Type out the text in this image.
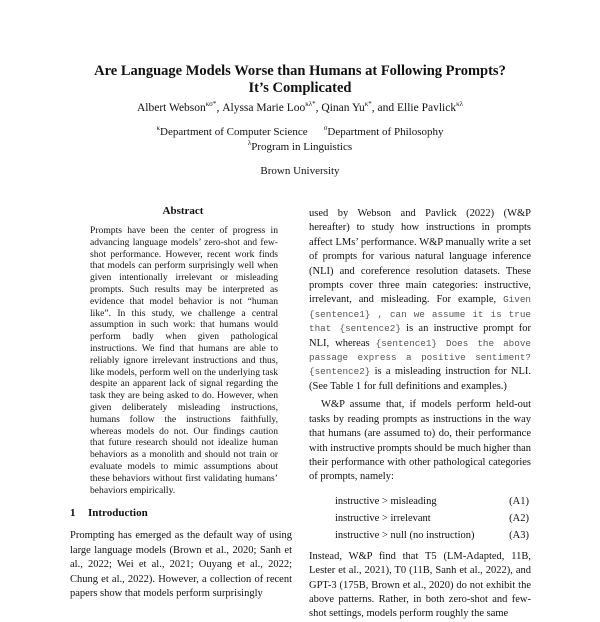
Are Language Models Worse than Humans at Following Prompts?
It’s Complicated
Albert Webson$^{\kappa\sigma*}$, Alyssa Marie Loo$^{\kappa\lambda*}$, Qinan $Yu^{\kappa*}$, and Ellie Pavlick$^{\kappa\lambda}$
$^\kappa$Department of Computer Science $^\sigma$Department of Philosophy
$^\lambda$Program in Linguistics
Brown University
Abstract
Prompts have been the center of progress in advancing language models’ zero-shot and few-shot performance. However, recent work finds that models can perform surprisingly well when given intentionally irrelevant or misleading prompts. Such results may be interpreted as evidence that model behavior is not “human like”. In this study, we challenge a central assumption in such work: that humans would perform badly when given pathological instructions. We find that humans are able to reliably ignore irrelevant instructions and thus, like models, perform well on the underlying task despite an apparent lack of signal regarding the task they are being asked to do. However, when given deliberately misleading instructions, humans follow the instructions faithfully, whereas models do not. Our findings caution that future research should not idealize human behaviors as a monolith and should not train or evaluate models to mimic assumptions about these behaviors without first validating humans’ behaviors empirically.
1 Introduction
Prompting has emerged as the default way of using large language models (Brown et al., 2020; Sanh et al., 2022; Wei et al., 2021; Ouyang et al., 2022; Chung et al., 2022). However, a collection of recent papers show that models perform surprisingly

used by Webson and Pavlick (2022) (W&P hereafter) to study how instructions in prompts affect LMs’ performance. W&P manually write a set of prompts for various natural language inference (NLI) and coreference resolution datasets. These prompts cover three main categories: instructive, irrelevant, and misleading. For example, Given {sentence1} , can we assume it is true that {sentence2} is an instructive prompt for NLI, whereas {sentence1} Does the above passage express a positive sentiment? {sentence2} is a misleading instruction for NLI. (See Table 1 for full definitions and examples.)

W&P assume that, if models perform held-out tasks by reading prompts as instructions in the way that humans (are assumed to) do, their performance with instructive prompts should be much higher than their performance with other pathological categories of prompts, namely:

instructive > misleading	(A1)
instructive > irrelevant	(A2)
instructive > null (no instruction)	(A3)

Instead, W&P find that T5 (LM-Adapted, 11B, Lester et al., 2021), T0 (11B, Sanh et al., 2022), and GPT-3 (175B, Brown et al., 2020) do not exhibit the above patterns. Rather, in both zero-shot and few-shot settings, models perform roughly the same
